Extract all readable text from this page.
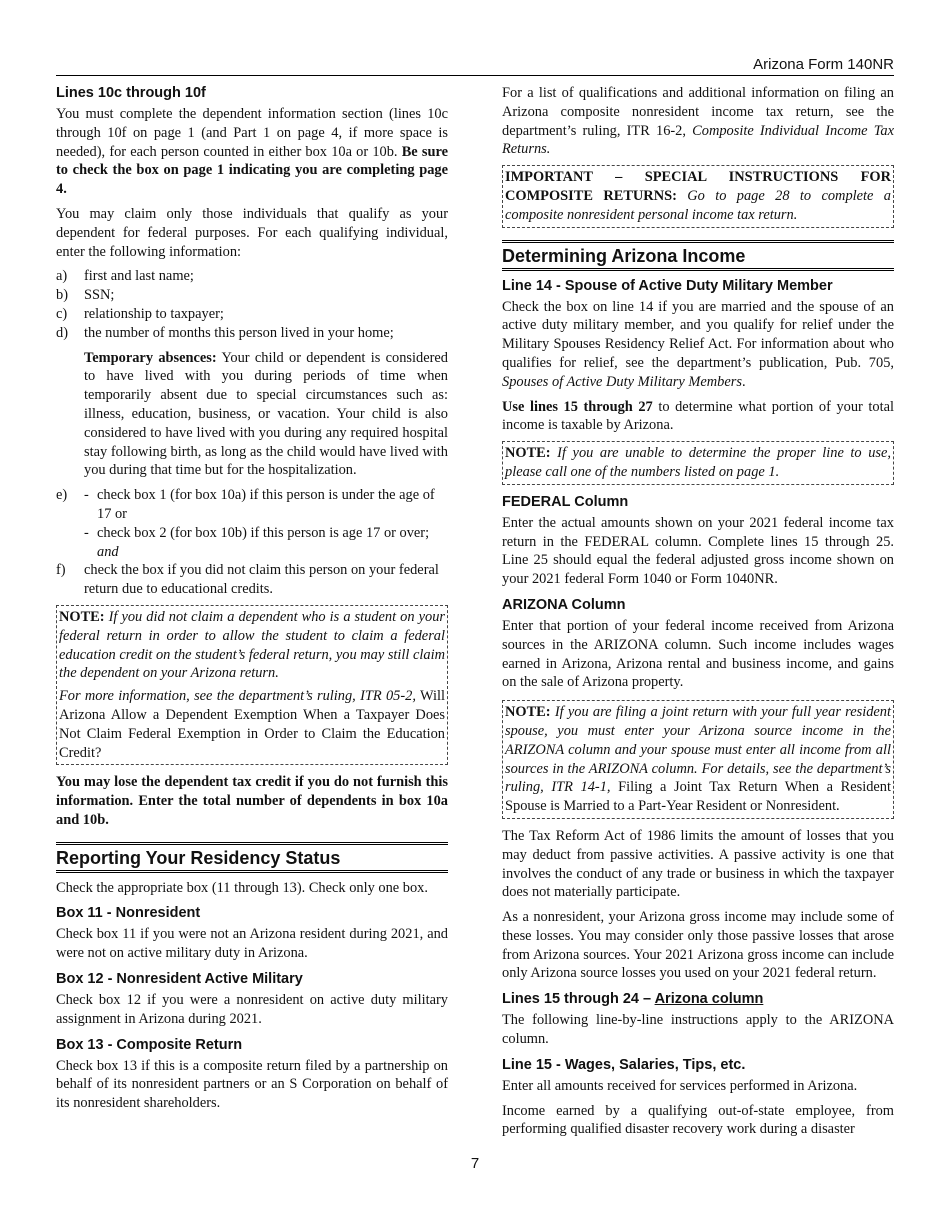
Arizona Form 140NR
Lines 10c through 10f

You must complete the dependent information section (lines 10c through 10f on page 1 (and Part 1 on page 4, if more space is needed), for each person counted in either box 10a or 10b. Be sure to check the box on page 1 indicating you are completing page 4.

You may claim only those individuals that qualify as your dependent for federal purposes. For each qualifying individual, enter the following information:

a) first and last name;
b) SSN;
c) relationship to taxpayer;
d) the number of months this person lived in your home;

Temporary absences: Your child or dependent is considered to have lived with you during periods of time when temporarily absent due to special circumstances such as: illness, education, business, or vacation. Your child is also considered to have lived with you during any required hospital stay following birth, as long as the child would have lived with you during that time but for the hospitalization.

e) - check box 1 (for box 10a) if this person is under the age of 17 or
- check box 2 (for box 10b) if this person is age 17 or over; and
f) check the box if you did not claim this person on your federal return due to educational credits.

NOTE: If you did not claim a dependent who is a student on your federal return in order to allow the student to claim a federal education credit on the student’s federal return, you may still claim the dependent on your Arizona return.

For more information, see the department’s ruling, ITR 05-2, Will Arizona Allow a Dependent Exemption When a Taxpayer Does Not Claim Federal Exemption in Order to Claim the Education Credit?

You may lose the dependent tax credit if you do not furnish this information. Enter the total number of dependents in box 10a and 10b.

Reporting Your Residency Status

Check the appropriate box (11 through 13). Check only one box.

Box 11 - Nonresident

Check box 11 if you were not an Arizona resident during 2021, and were not on active military duty in Arizona.

Box 12 - Nonresident Active Military

Check box 12 if you were a nonresident on active duty military assignment in Arizona during 2021.

Box 13 - Composite Return

Check box 13 if this is a composite return filed by a partnership on behalf of its nonresident partners or an S Corporation on behalf of its nonresident shareholders.

For a list of qualifications and additional information on filing an Arizona composite nonresident income tax return, see the department’s ruling, ITR 16-2, Composite Individual Income Tax Returns.

IMPORTANT – SPECIAL INSTRUCTIONS FOR COMPOSITE RETURNS: Go to page 28 to complete a composite nonresident personal income tax return.

Determining Arizona Income
Line 14 - Spouse of Active Duty Military Member

Check the box on line 14 if you are married and the spouse of an active duty military member, and you qualify for relief under the Military Spouses Residency Relief Act. For information about who qualifies for relief, see the department’s publication, Pub. 705, Spouses of Active Duty Military Members.

Use lines 15 through 27 to determine what portion of your total income is taxable by Arizona.

NOTE: If you are unable to determine the proper line to use, please call one of the numbers listed on page 1.

FEDERAL Column

Enter the actual amounts shown on your 2021 federal income tax return in the FEDERAL column. Complete lines 15 through 25. Line 25 should equal the federal adjusted gross income shown on your 2021 federal Form 1040 or Form 1040NR.

ARIZONA Column

Enter that portion of your federal income received from Arizona sources in the ARIZONA column. Such income includes wages earned in Arizona, Arizona rental and business income, and gains on the sale of Arizona property.

NOTE: If you are filing a joint return with your full year resident spouse, you must enter your Arizona source income in the ARIZONA column and your spouse must enter all income from all sources in the ARIZONA column. For details, see the department’s ruling, ITR 14-1, Filing a Joint Tax Return When a Resident Spouse is Married to a Part-Year Resident or Nonresident.

The Tax Reform Act of 1986 limits the amount of losses that you may deduct from passive activities. A passive activity is one that involves the conduct of any trade or business in which the taxpayer does not materially participate.

As a nonresident, your Arizona gross income may include some of these losses. You may consider only those passive losses that arose from Arizona sources. Your 2021 Arizona gross income can include only Arizona source losses you used on your 2021 federal return.

Lines 15 through 24 – Arizona column

The following line-by-line instructions apply to the ARIZONA column.

Line 15 - Wages, Salaries, Tips, etc.

Enter all amounts received for services performed in Arizona.

Income earned by a qualifying out-of-state employee, from performing qualified disaster recovery work during a disaster

7
